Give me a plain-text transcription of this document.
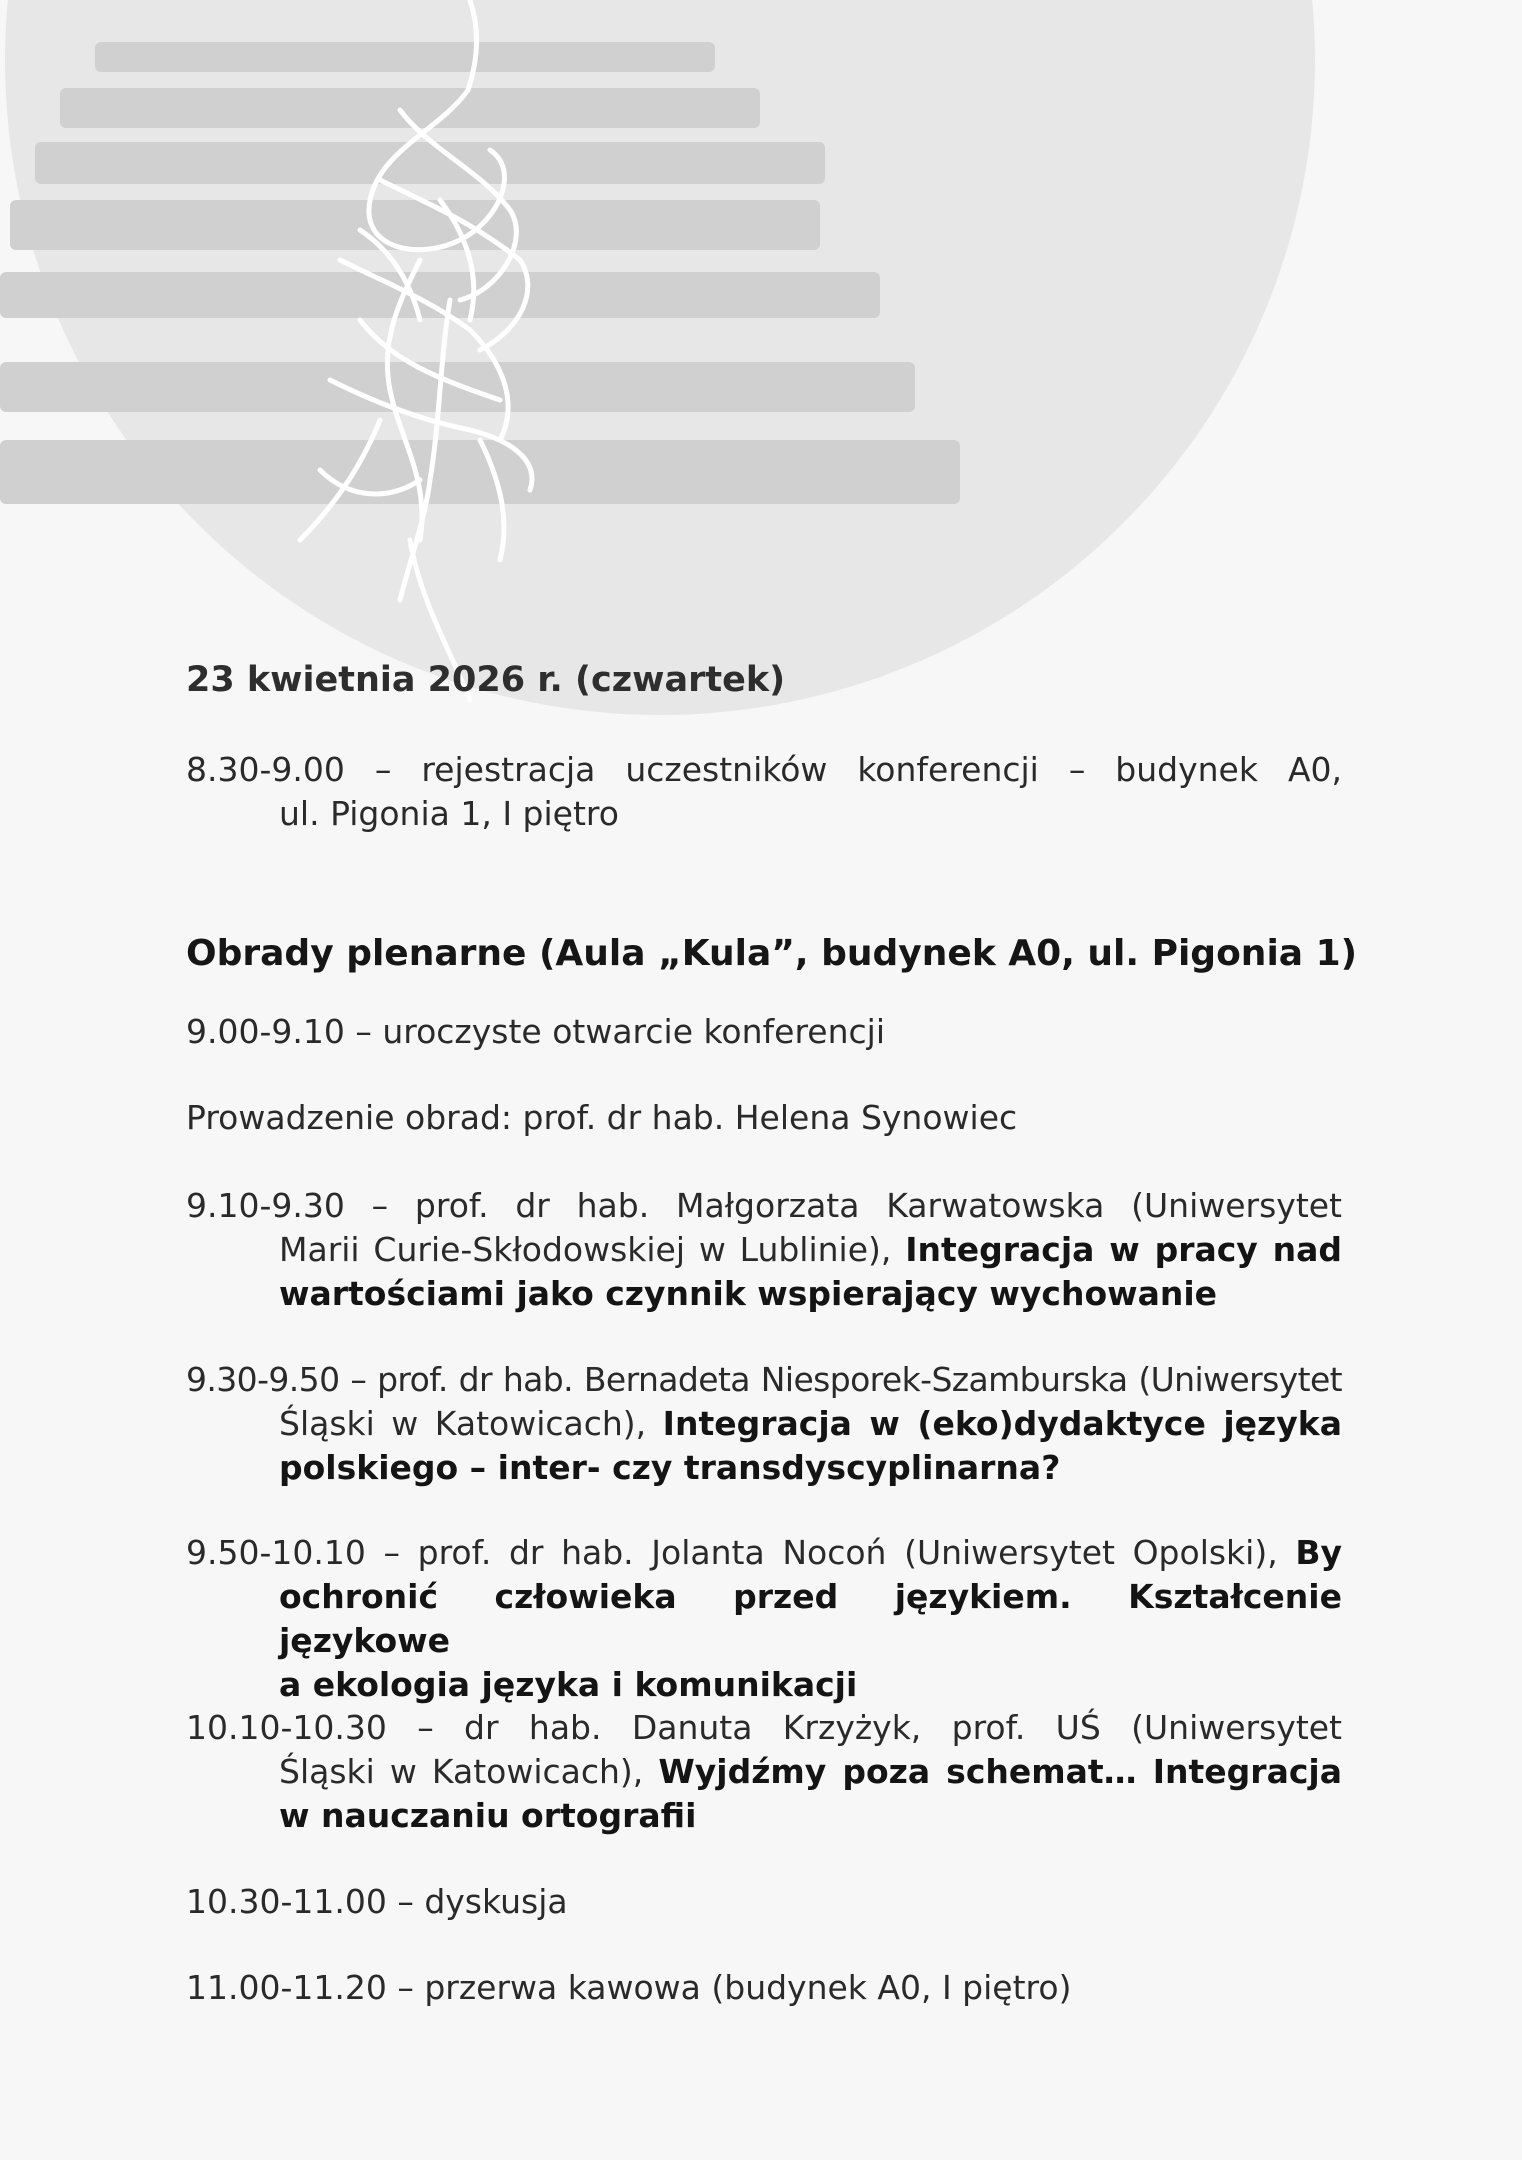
23 kwietnia 2026 r. (czwartek)
8.30-9.00 – rejestracja uczestników konferencji – budynek A0,
ul. Pigonia 1, I piętro
Obrady plenarne (Aula „Kula”, budynek A0, ul. Pigonia 1)
9.00-9.10 – uroczyste otwarcie konferencji
Prowadzenie obrad: prof. dr hab. Helena Synowiec
9.10-9.30 – prof. dr hab. Małgorzata Karwatowska (Uniwersytet
Marii Curie-Skłodowskiej w Lublinie), Integracja w pracy nad
wartościami jako czynnik wspierający wychowanie
9.30-9.50 – prof. dr hab. Bernadeta Niesporek-Szamburska (Uniwersytet
Śląski w Katowicach), Integracja w (eko)dydaktyce języka
polskiego – inter- czy transdyscyplinarna?
9.50-10.10 – prof. dr hab. Jolanta Nocoń (Uniwersytet Opolski), By
ochronić człowieka przed językiem. Kształcenie językowe
a ekologia języka i komunikacji
10.10-10.30 – dr hab. Danuta Krzyżyk, prof. UŚ (Uniwersytet
Śląski w Katowicach), Wyjdźmy poza schemat… Integracja
w nauczaniu ortografii
10.30-11.00 – dyskusja
11.00-11.20 – przerwa kawowa (budynek A0, I piętro)
